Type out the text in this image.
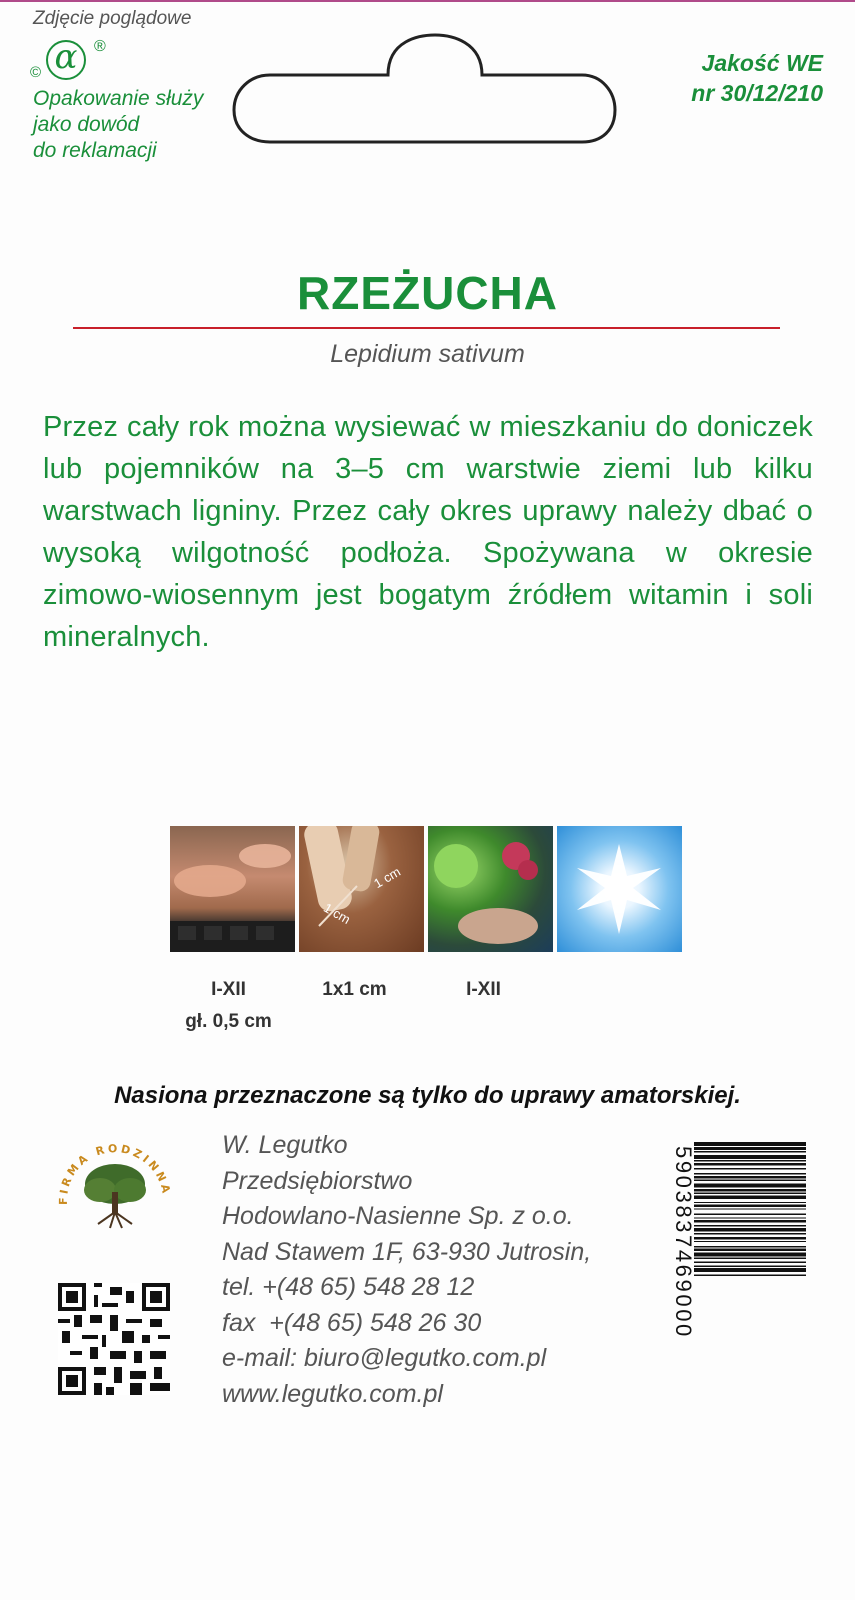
Zdjęcie poglądowe
© α	®
Opakowanie służy
jako dowód
do reklamacji
Jakość WE
nr 30/12/210
RZEŻUCHA
Lepidium sativum
Przez cały rok można wysiewać w mieszkaniu do doniczek lub pojemników na 3–5 cm warstwie ziemi lub kilku warstwach ligniny. Przez cały okres uprawy należy dbać o wysoką wilgotność podłoża. Spożywana w okresie zimowo-wiosennym jest bogatym źródłem witamin i soli mineralnych.
1 cm
1 cm
I-XII
gł. 0,5 cm
1x1 cm	I-XII
Nasiona przeznaczone są tylko do uprawy amatorskiej.
FIRMA RODZINNA
W. Legutko
Przedsiębiorstwo
Hodowlano-Nasienne Sp. z o.o.
Nad Stawem 1F, 63-930 Jutrosin,
tel. +(48 65) 548 28 12
fax  +(48 65) 548 26 30
e-mail: biuro@legutko.com.pl
www.legutko.com.pl
5903837469000
